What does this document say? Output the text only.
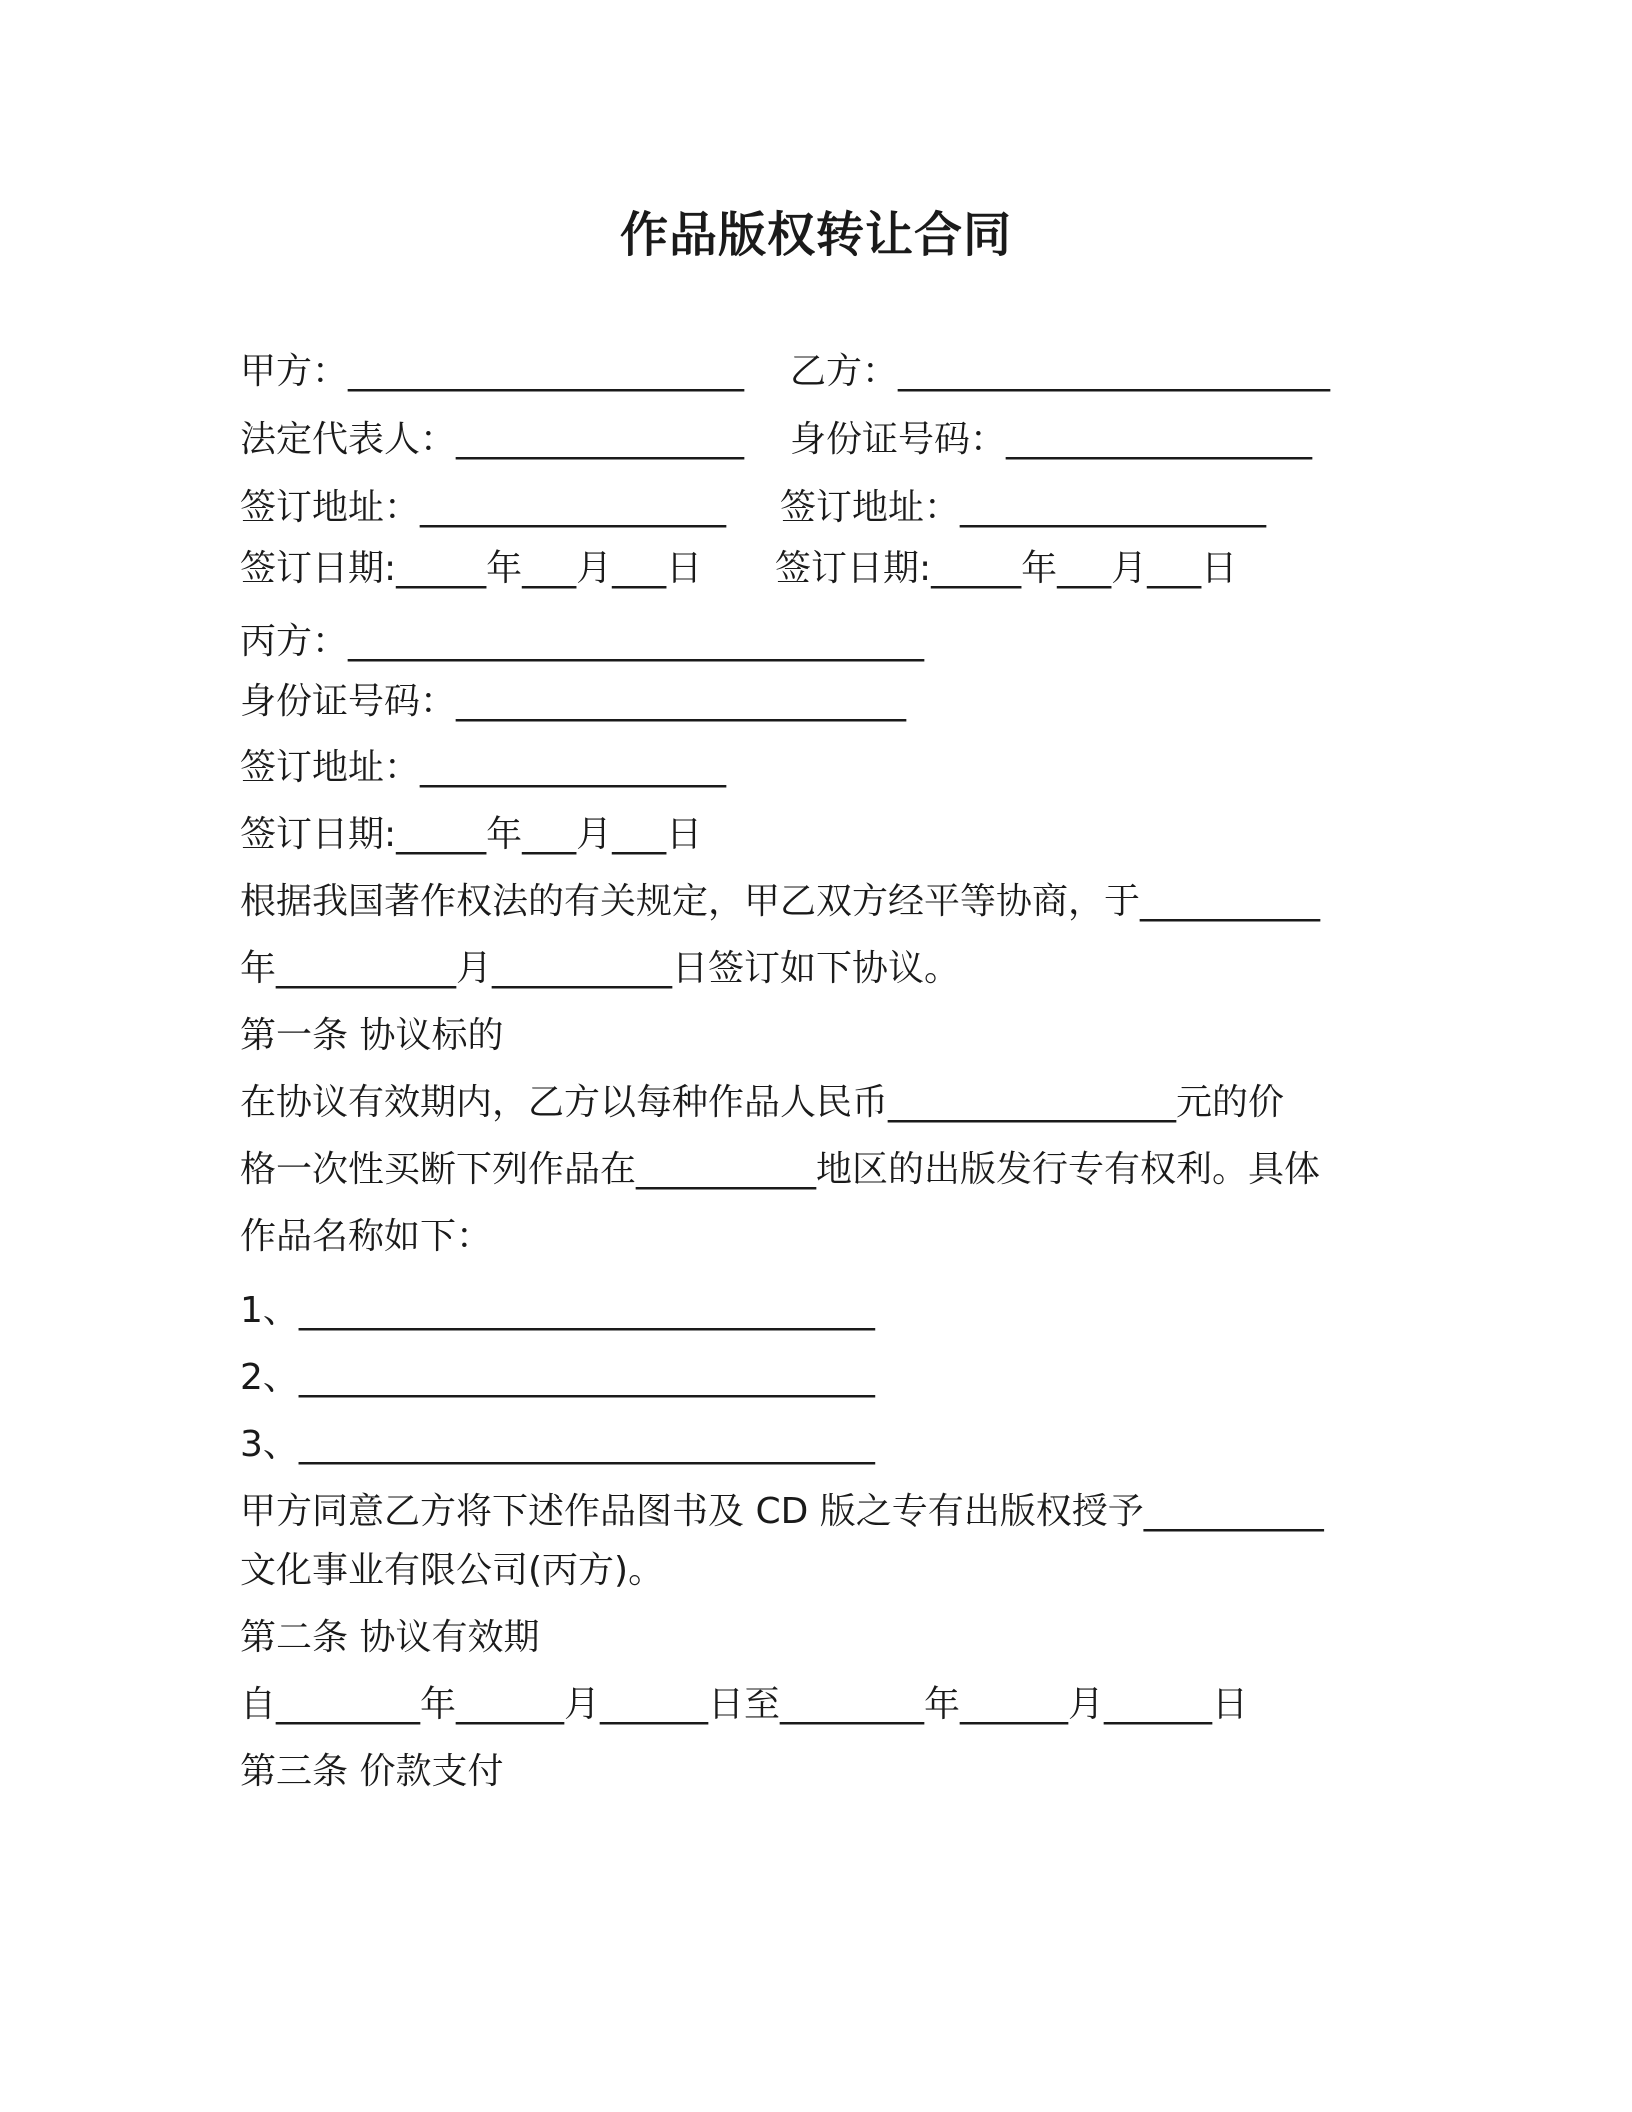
作品版权转让合同

甲方：______________________ 乙方：________________________

法定代表人：________________ 身份证号码：_________________

签订地址：_________________ 签订地址：_________________

签订日期:_____年___月___日 签订日期:_____年___月___日

丙方：________________________________

身份证号码：_________________________

签订地址：_________________

签订日期:_____年___月___日

根据我国著作权法的有关规定，甲乙双方经平等协商，于__________

年__________月__________日签订如下协议。

第一条 协议标的

在协议有效期内，乙方以每种作品人民币________________元的价

格一次性买断下列作品在__________地区的出版发行专有权利。具体

作品名称如下：

1、________________________________

2、________________________________

3、________________________________

甲方同意乙方将下述作品图书及 CD 版之专有出版权授予__________

文化事业有限公司(丙方)。

第二条 协议有效期

自________年______月______日至________年______月______日

第三条 价款支付
